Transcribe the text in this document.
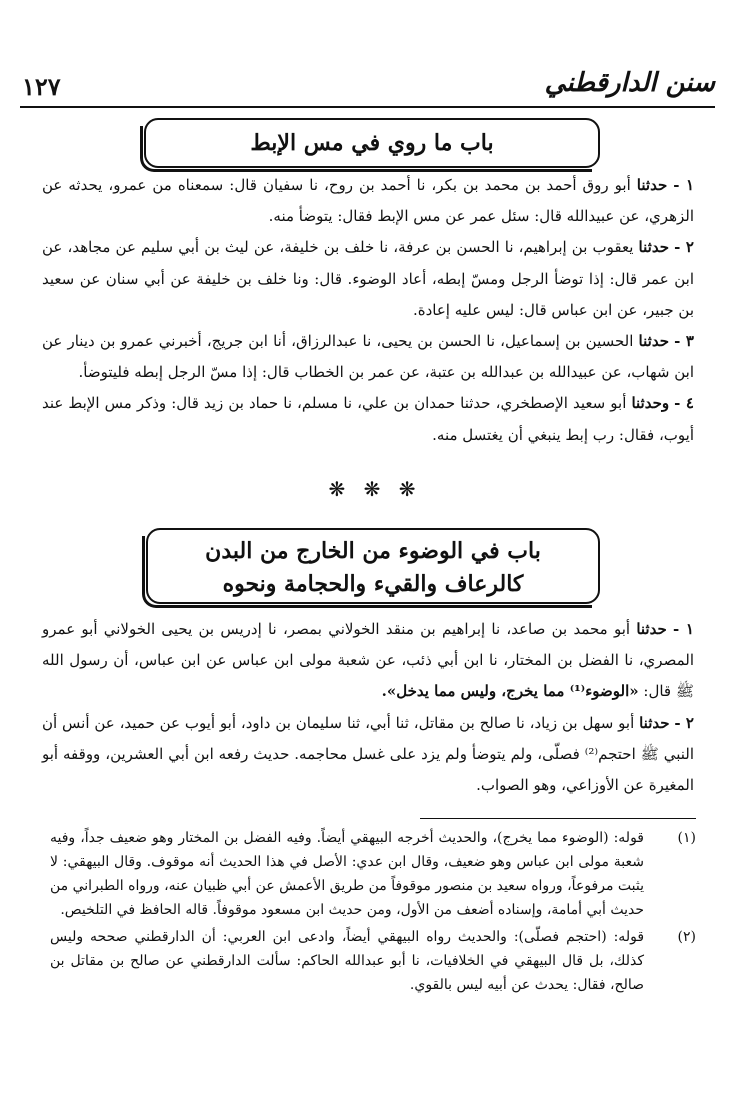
سنن الدارقطني
١٢٧
باب ما روي في مس الإبط

١ - حدثنا أبو روق أحمد بن محمد بن بكر، نا أحمد بن روح، نا سفيان قال: سمعناه من عمرو، يحدثه عن الزهري، عن عبيدالله قال: سئل عمر عن مس الإبط فقال: يتوضأ منه.

٢ - حدثنا يعقوب بن إبراهيم، نا الحسن بن عرفة، نا خلف بن خليفة، عن ليث بن أبي سليم عن مجاهد، عن ابن عمر قال: إذا توضأ الرجل ومسّ إبطه، أعاد الوضوء. قال: ونا خلف بن خليفة عن أبي سنان عن سعيد بن جبير، عن ابن عباس قال: ليس عليه إعادة.

٣ - حدثنا الحسين بن إسماعيل، نا الحسن بن يحيى، نا عبدالرزاق، أنا ابن جريج، أخبرني عمرو بن دينار عن ابن شهاب، عن عبيدالله بن عبدالله بن عتبة، عن عمر بن الخطاب قال: إذا مسّ الرجل إبطه فليتوضأ.

٤ - وحدثنا أبو سعيد الإصطخري، حدثنا حمدان بن علي، نا مسلم، نا حماد بن زيد قال: وذكر مس الإبط عند أيوب، فقال: رب إبط ينبغي أن يغتسل منه.

❋ ❋ ❋
باب في الوضوء من الخارج من البدن
كالرعاف والقيء والحجامة ونحوه

١ - حدثنا أبو محمد بن صاعد، نا إبراهيم بن منقد الخولاني بمصر، نا إدريس بن يحيى الخولاني أبو عمرو المصري، نا الفضل بن المختار، نا ابن أبي ذئب، عن شعبة مولى ابن عباس عن ابن عباس، أن رسول الله ﷺ قال: «الوضوء⁽¹⁾ مما يخرج، وليس مما يدخل».

٢ - حدثنا أبو سهل بن زياد، نا صالح بن مقاتل، ثنا أبي، ثنا سليمان بن داود، أبو أيوب عن حميد، عن أنس أن النبي ﷺ احتجم⁽²⁾ فصلّى، ولم يتوضأ ولم يزد على غسل محاجمه. حديث رفعه ابن أبي العشرين، ووقفه أبو المغيرة عن الأوزاعي، وهو الصواب.

(١)
قوله: (الوضوء مما يخرج)، والحديث أخرجه البيهقي أيضاً. وفيه الفضل بن المختار وهو ضعيف جداً، وفيه شعبة مولى ابن عباس وهو ضعيف، وقال ابن عدي: الأصل في هذا الحديث أنه موقوف. وقال البيهقي: لا يثبت مرفوعاً، ورواه سعيد بن منصور موقوفاً من طريق الأعمش عن أبي ظبيان عنه، ورواه الطبراني من حديث أبي أمامة، وإسناده أضعف من الأول، ومن حديث ابن مسعود موقوفاً. قاله الحافظ في التلخيص.

(٢)
قوله: (احتجم فصلّى): والحديث رواه البيهقي أيضاً، وادعى ابن العربي: أن الدارقطني صححه وليس كذلك، بل قال البيهقي في الخلافيات، نا أبو عبدالله الحاكم: سألت الدارقطني عن صالح بن مقاتل بن صالح، فقال: يحدث عن أبيه ليس بالقوي.
